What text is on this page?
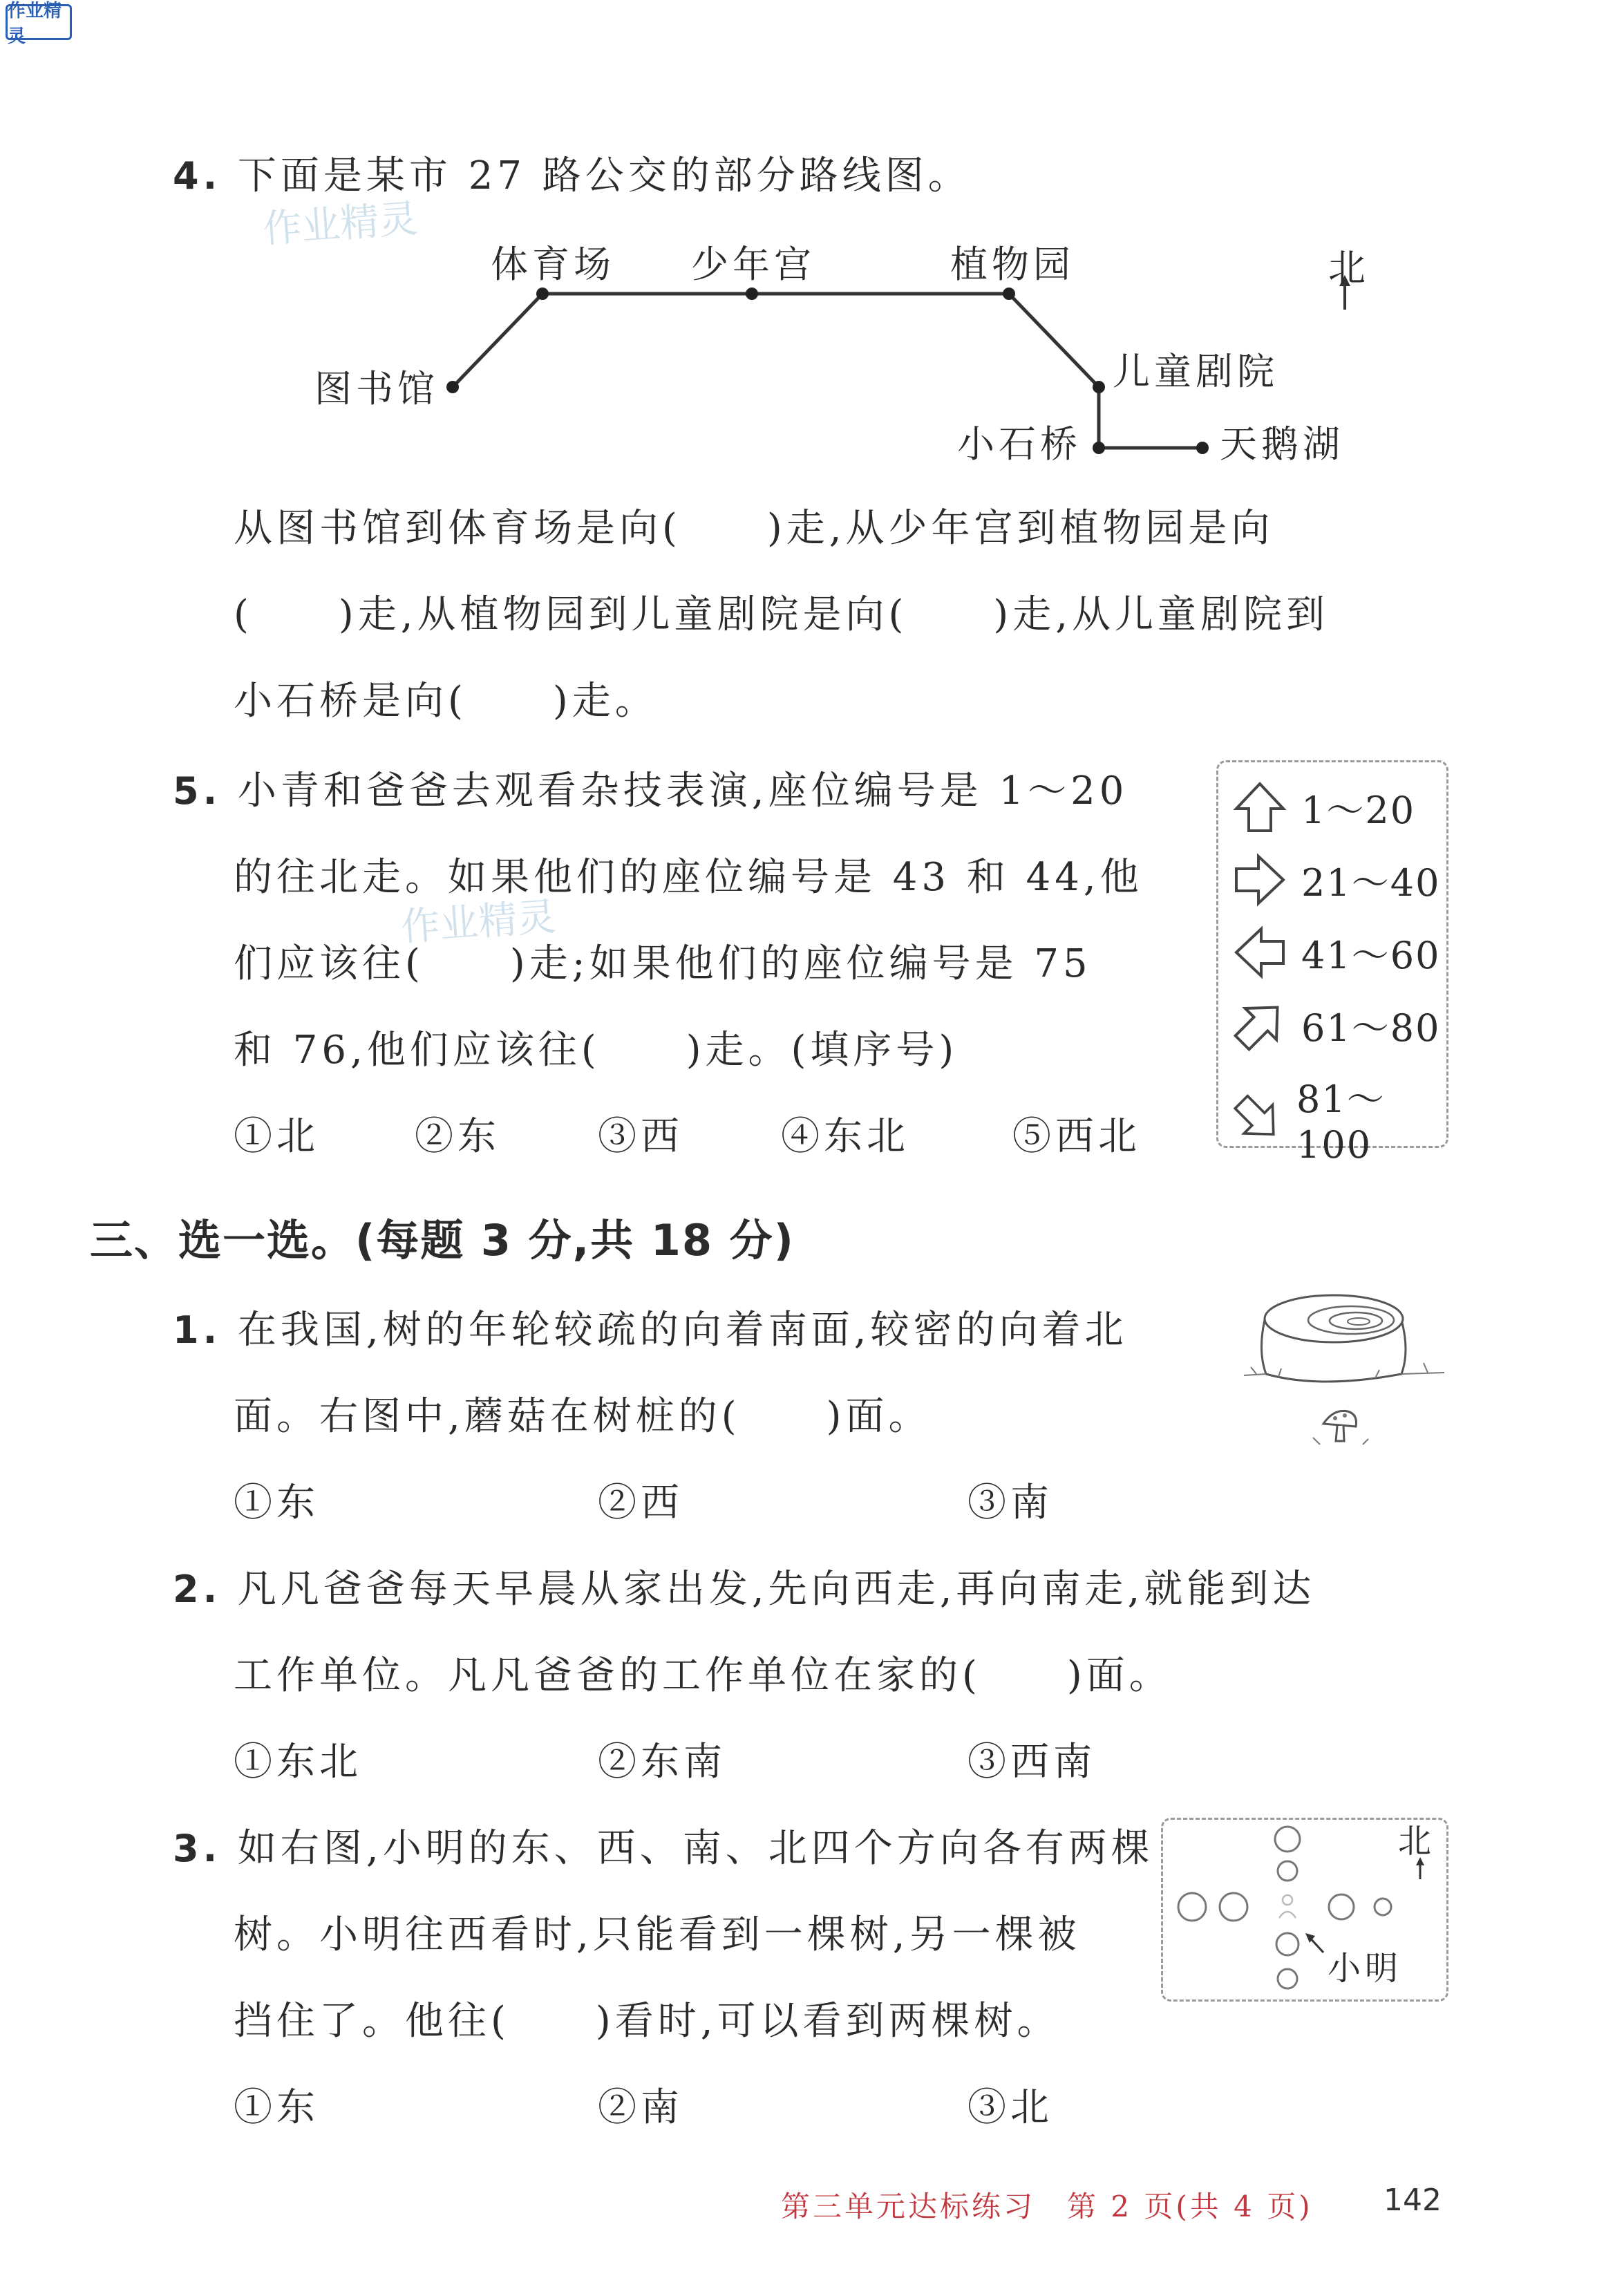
作业精灵
作业精灵
作业精灵
4. 下面是某市 27 路公交的部分路线图。
图书馆
体育场 少年宫	植物园
儿童剧院
小石桥	天鹅湖
北
从图书馆到体育场是向(　　)走,从少年宫到植物园是向
(　　)走,从植物园到儿童剧院是向(　　)走,从儿童剧院到
小石桥是向(　　)走。
5. 小青和爸爸去观看杂技表演,座位编号是 1～20
的往北走。如果他们的座位编号是 43 和 44,他
们应该往(　　)走;如果他们的座位编号是 75
和 76,他们应该往(　　)走。(填序号)
①北 ②东	③西	④东北	⑤西北
1～20
21～40
41～60
61～80
81～100
三、选一选。(每题 3 分,共 18 分)
1. 在我国,树的年轮较疏的向着南面,较密的向着北
面。右图中,蘑菇在树桩的(　　)面。
①东	②西	③南
2. 凡凡爸爸每天早晨从家出发,先向西走,再向南走,就能到达
工作单位。凡凡爸爸的工作单位在家的(　　)面。
①东北	②东南	③西南
3. 如右图,小明的东、西、南、北四个方向各有两棵
树。小明往西看时,只能看到一棵树,另一棵被
挡住了。他往(　　)看时,可以看到两棵树。
①东	②南	③北
北
小明
第三单元达标练习　第 2 页(共 4 页) 142
